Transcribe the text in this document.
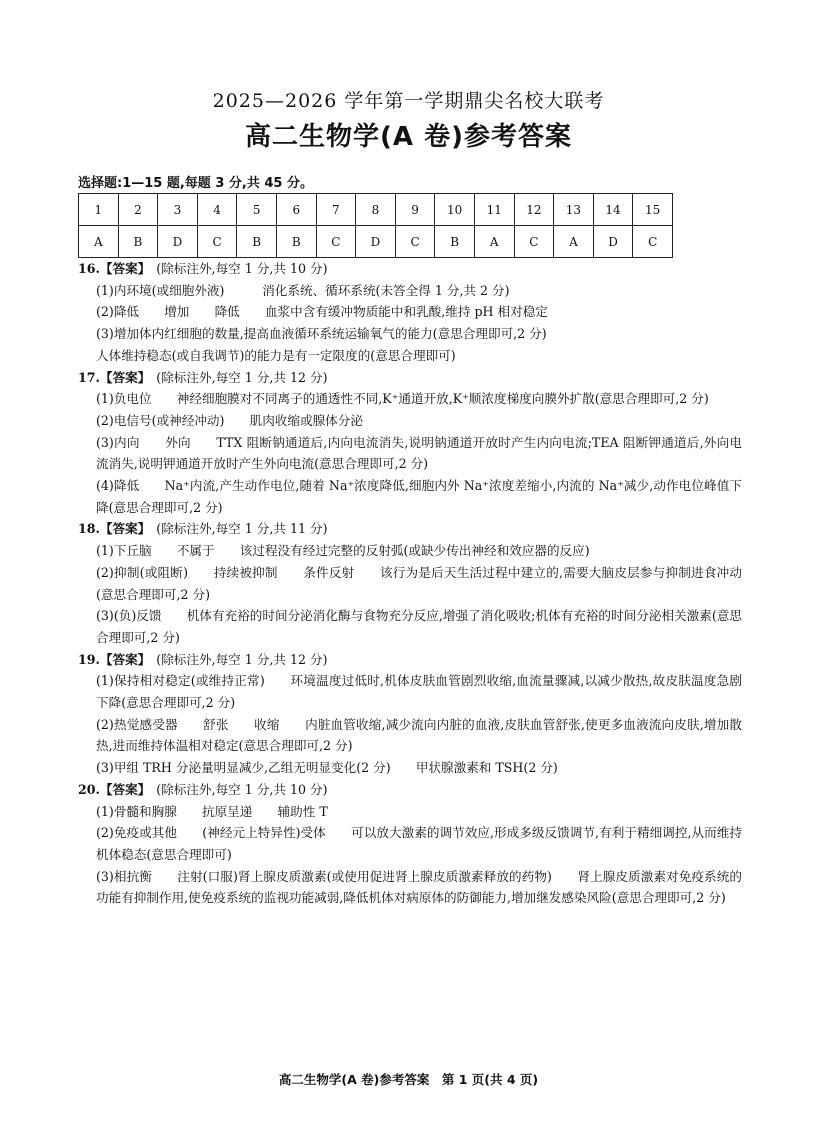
2025—2026 学年第一学期鼎尖名校大联考
高二生物学(A 卷)参考答案
选择题:1—15 题,每题 3 分,共 45 分。
1	2	3	4	5	6	7	8	9	10	11	12	13	14	15
A	B	D	C	B	B	C	D	C	B	A	C	A	D	C
16.【答案】 (除标注外,每空 1 分,共 10 分)
(1)内环境(或细胞外液)　　　消化系统、循环系统(未答全得 1 分,共 2 分)
(2)降低　　增加　　降低　　血浆中含有缓冲物质能中和乳酸,维持 pH 相对稳定
(3)增加体内红细胞的数量,提高血液循环系统运输氧气的能力(意思合理即可,2 分)
人体维持稳态(或自我调节)的能力是有一定限度的(意思合理即可)
17.【答案】 (除标注外,每空 1 分,共 12 分)
(1)负电位　　神经细胞膜对不同离子的通透性不同,K⁺通道开放,K⁺顺浓度梯度向膜外扩散(意思合理即可,2 分)
(2)电信号(或神经冲动)　　肌肉收缩或腺体分泌
(3)内向　　外向　　TTX 阻断钠通道后,内向电流消失,说明钠通道开放时产生内向电流;TEA 阻断钾通道后,外向电流消失,说明钾通道开放时产生外向电流(意思合理即可,2 分)
(4)降低　　Na⁺内流,产生动作电位,随着 Na⁺浓度降低,细胞内外 Na⁺浓度差缩小,内流的 Na⁺减少,动作电位峰值下降(意思合理即可,2 分)
18.【答案】 (除标注外,每空 1 分,共 11 分)
(1)下丘脑　　不属于　　该过程没有经过完整的反射弧(或缺少传出神经和效应器的反应)
(2)抑制(或阻断)　　持续被抑制　　条件反射　　该行为是后天生活过程中建立的,需要大脑皮层参与抑制进食冲动(意思合理即可,2 分)
(3)(负)反馈　　机体有充裕的时间分泌消化酶与食物充分反应,增强了消化吸收;机体有充裕的时间分泌相关激素(意思合理即可,2 分)
19.【答案】 (除标注外,每空 1 分,共 12 分)
(1)保持相对稳定(或维持正常)　　环境温度过低时,机体皮肤血管剧烈收缩,血流量骤减,以减少散热,故皮肤温度急剧下降(意思合理即可,2 分)
(2)热觉感受器　　舒张　　收缩　　内脏血管收缩,减少流向内脏的血液,皮肤血管舒张,使更多血液流向皮肤,增加散热,进而维持体温相对稳定(意思合理即可,2 分)
(3)甲组 TRH 分泌量明显减少,乙组无明显变化(2 分)　　甲状腺激素和 TSH(2 分)
20.【答案】 (除标注外,每空 1 分,共 10 分)
(1)骨髓和胸腺　　抗原呈递　　辅助性 T
(2)免疫或其他　　(神经元上特异性)受体　　可以放大激素的调节效应,形成多级反馈调节,有利于精细调控,从而维持机体稳态(意思合理即可)
(3)相抗衡　　注射(口服)肾上腺皮质激素(或使用促进肾上腺皮质激素释放的药物)　　肾上腺皮质激素对免疫系统的功能有抑制作用,使免疫系统的监视功能减弱,降低机体对病原体的防御能力,增加继发感染风险(意思合理即可,2 分)
高二生物学(A 卷)参考答案　第 1 页(共 4 页)
